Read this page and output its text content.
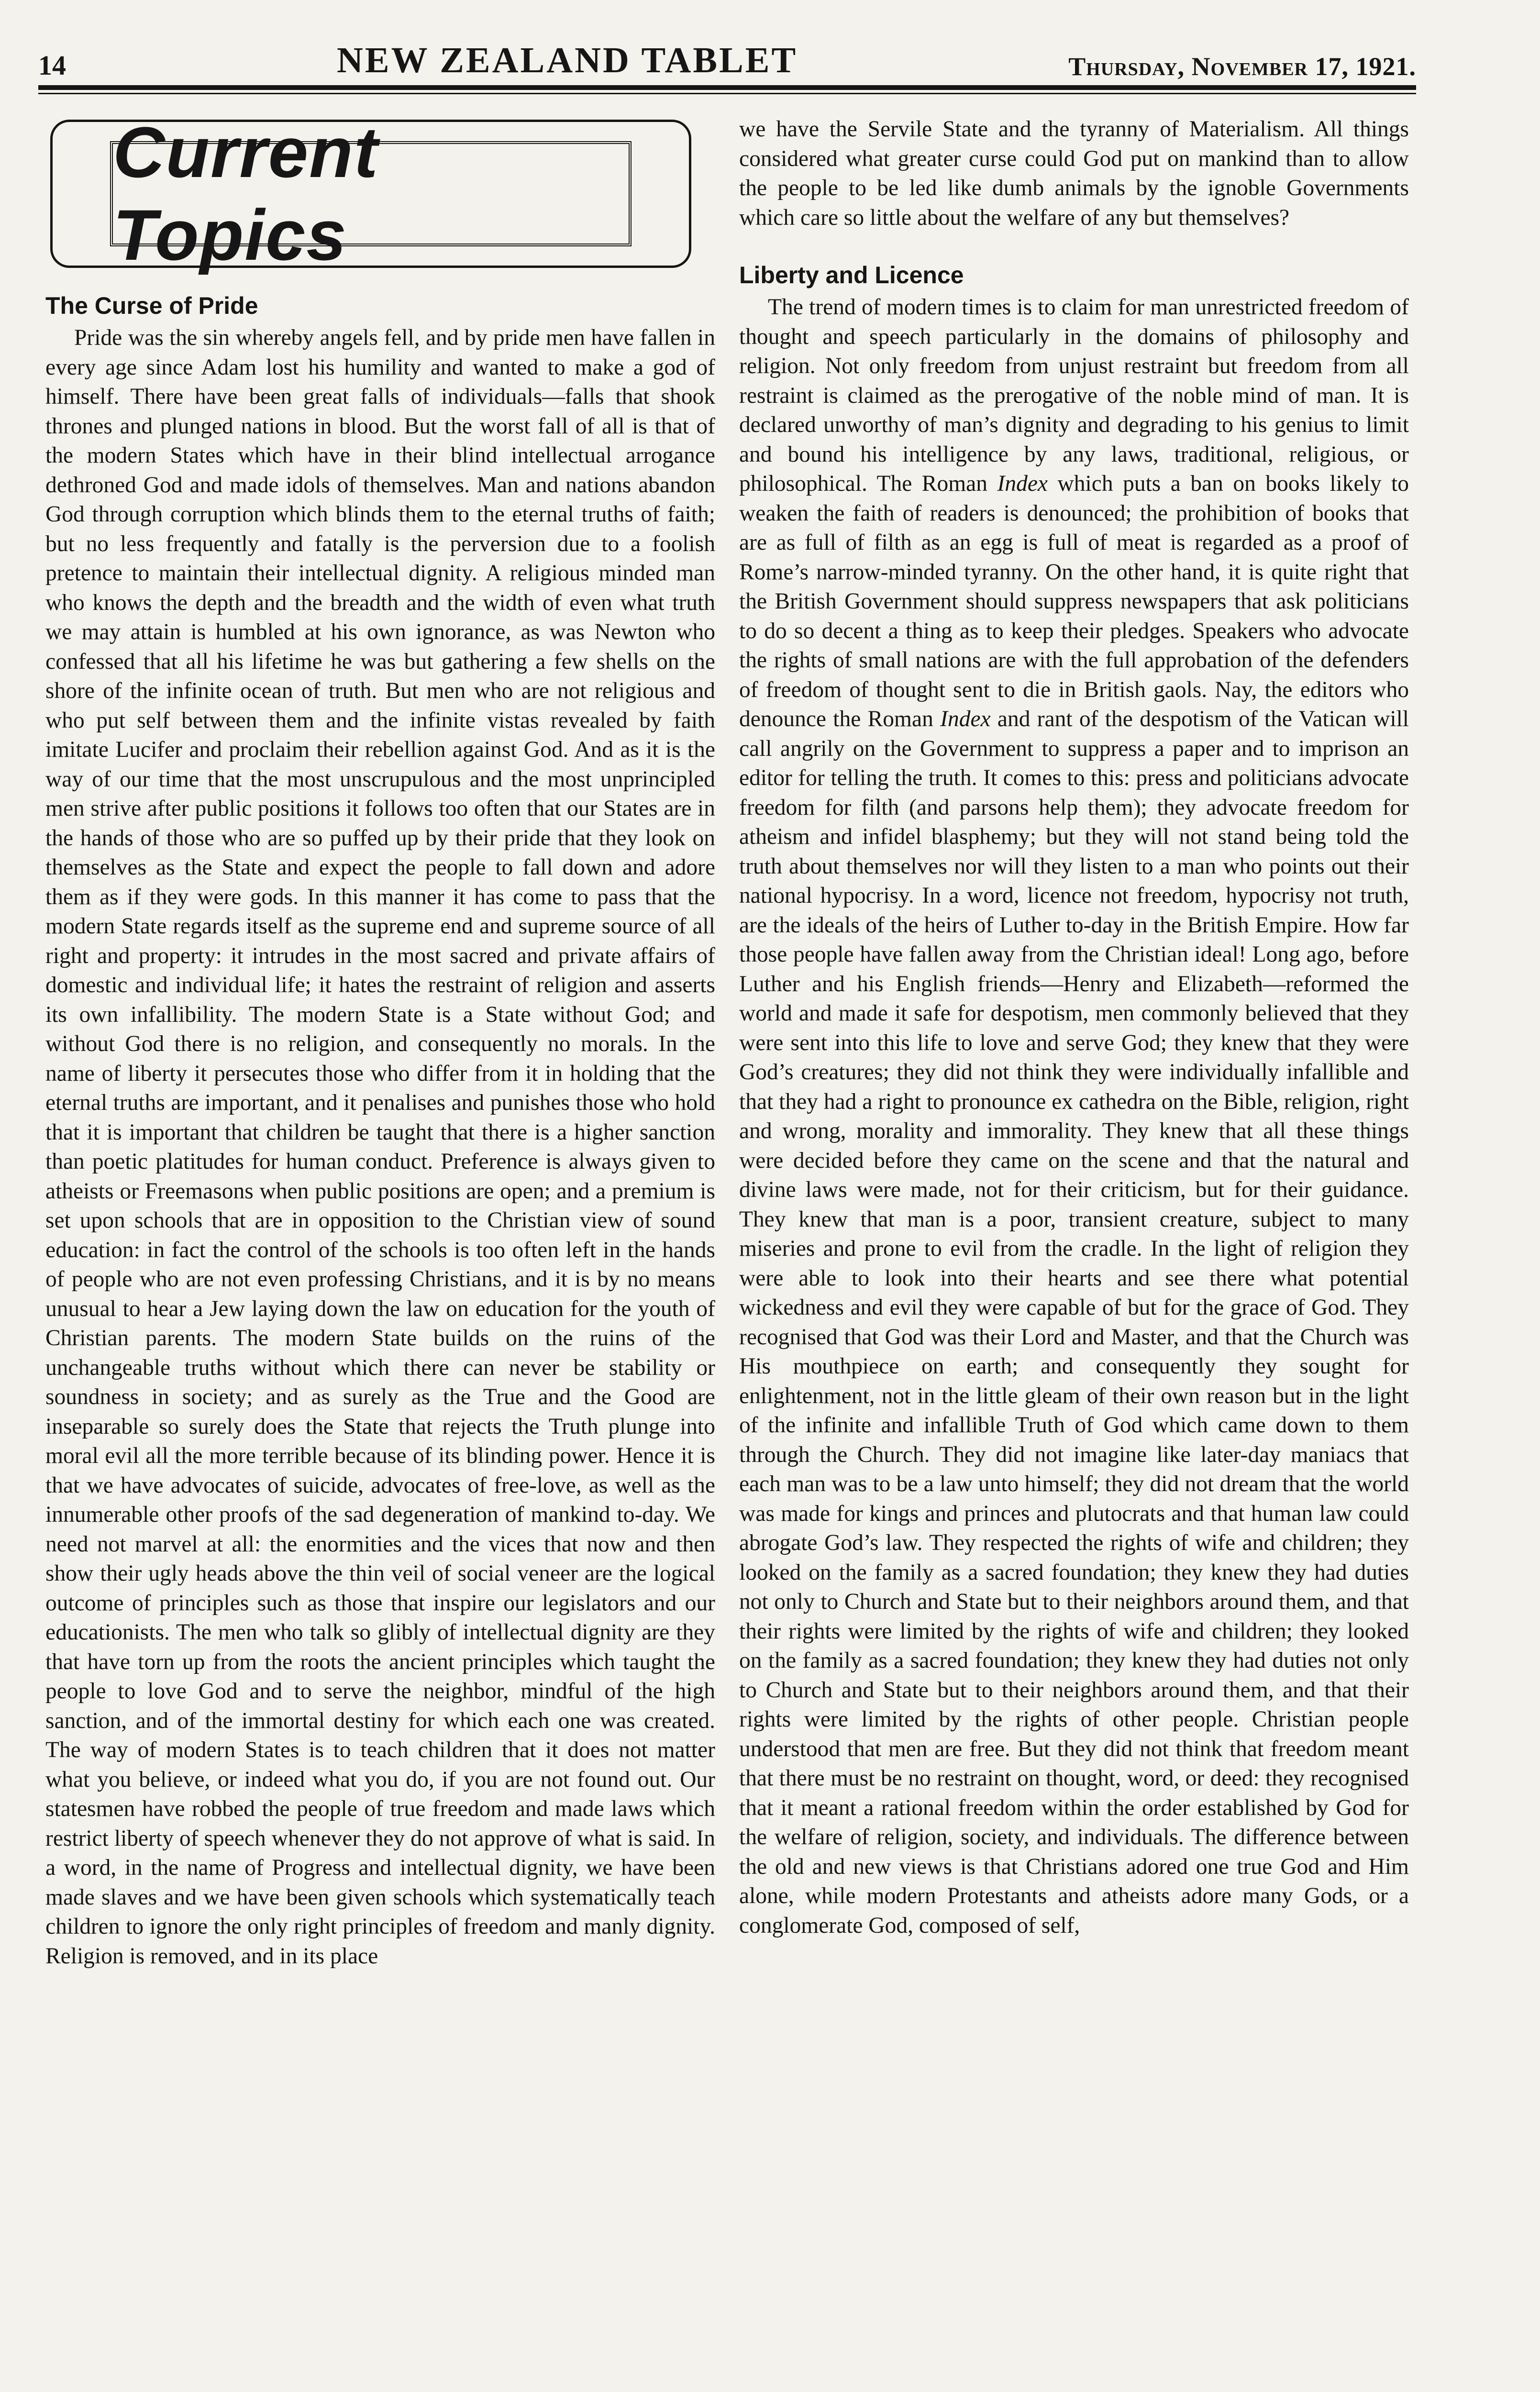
14	NEW ZEALAND TABLET	Thursday, November 17, 1921.
Current Topics
The Curse of Pride

Pride was the sin whereby angels fell, and by pride men have fallen in every age since Adam lost his humility and wanted to make a god of himself. There have been great falls of individuals—falls that shook thrones and plunged nations in blood. But the worst fall of all is that of the modern States which have in their blind intellectual arrogance dethroned God and made idols of themselves. Man and nations abandon God through corruption which blinds them to the eternal truths of faith; but no less frequently and fatally is the perversion due to a foolish pretence to maintain their intellectual dignity. A religious minded man who knows the depth and the breadth and the width of even what truth we may attain is humbled at his own ignorance, as was Newton who confessed that all his lifetime he was but gathering a few shells on the shore of the infinite ocean of truth. But men who are not religious and who put self between them and the infinite vistas revealed by faith imitate Lucifer and proclaim their rebellion against God. And as it is the way of our time that the most unscrupulous and the most unprincipled men strive after public positions it follows too often that our States are in the hands of those who are so puffed up by their pride that they look on themselves as the State and expect the people to fall down and adore them as if they were gods. In this manner it has come to pass that the modern State regards itself as the supreme end and supreme source of all right and property: it intrudes in the most sacred and private affairs of domestic and individual life; it hates the restraint of religion and asserts its own infallibility. The modern State is a State without God; and without God there is no religion, and consequently no morals. In the name of liberty it persecutes those who differ from it in holding that the eternal truths are important, and it penalises and punishes those who hold that it is important that children be taught that there is a higher sanction than poetic platitudes for human conduct. Preference is always given to atheists or Freemasons when public positions are open; and a premium is set upon schools that are in opposition to the Christian view of sound education: in fact the control of the schools is too often left in the hands of people who are not even professing Christians, and it is by no means unusual to hear a Jew laying down the law on education for the youth of Christian parents. The modern State builds on the ruins of the unchangeable truths without which there can never be stability or soundness in society; and as surely as the True and the Good are inseparable so surely does the State that rejects the Truth plunge into moral evil all the more terrible because of its blinding power. Hence it is that we have advocates of suicide, advocates of free-love, as well as the innumerable other proofs of the sad degeneration of mankind to-day. We need not marvel at all: the enormities and the vices that now and then show their ugly heads above the thin veil of social veneer are the logical outcome of principles such as those that inspire our legislators and our educationists. The men who talk so glibly of intellectual dignity are they that have torn up from the roots the ancient principles which taught the people to love God and to serve the neighbor, mindful of the high sanction, and of the immortal destiny for which each one was created. The way of modern States is to teach children that it does not matter what you believe, or indeed what you do, if you are not found out. Our statesmen have robbed the people of true freedom and made laws which restrict liberty of speech whenever they do not approve of what is said. In a word, in the name of Progress and intellectual dignity, we have been made slaves and we have been given schools which systematically teach children to ignore the only right principles of freedom and manly dignity. Religion is removed, and in its place

we have the Servile State and the tyranny of Materialism. All things considered what greater curse could God put on mankind than to allow the people to be led like dumb animals by the ignoble Governments which care so little about the welfare of any but themselves?

Liberty and Licence

The trend of modern times is to claim for man unrestricted freedom of thought and speech particularly in the domains of philosophy and religion. Not only freedom from unjust restraint but freedom from all restraint is claimed as the prerogative of the noble mind of man. It is declared unworthy of man’s dignity and degrading to his genius to limit and bound his intelligence by any laws, traditional, religious, or philosophical. The Roman Index which puts a ban on books likely to weaken the faith of readers is denounced; the prohibition of books that are as full of filth as an egg is full of meat is regarded as a proof of Rome’s narrow-minded tyranny. On the other hand, it is quite right that the British Government should suppress newspapers that ask politicians to do so decent a thing as to keep their pledges. Speakers who advocate the rights of small nations are with the full approbation of the defenders of freedom of thought sent to die in British gaols. Nay, the editors who denounce the Roman Index and rant of the despotism of the Vatican will call angrily on the Government to suppress a paper and to imprison an editor for telling the truth. It comes to this: press and politicians advocate freedom for filth (and parsons help them); they advocate freedom for atheism and infidel blasphemy; but they will not stand being told the truth about themselves nor will they listen to a man who points out their national hypocrisy. In a word, licence not freedom, hypocrisy not truth, are the ideals of the heirs of Luther to-day in the British Empire. How far those people have fallen away from the Christian ideal! Long ago, before Luther and his English friends—Henry and Elizabeth—reformed the world and made it safe for despotism, men commonly believed that they were sent into this life to love and serve God; they knew that they were God’s creatures; they did not think they were individually infallible and that they had a right to pronounce ex cathedra on the Bible, religion, right and wrong, morality and immorality. They knew that all these things were decided before they came on the scene and that the natural and divine laws were made, not for their criticism, but for their guidance. They knew that man is a poor, transient creature, subject to many miseries and prone to evil from the cradle. In the light of religion they were able to look into their hearts and see there what potential wickedness and evil they were capable of but for the grace of God. They recognised that God was their Lord and Master, and that the Church was His mouthpiece on earth; and consequently they sought for enlightenment, not in the little gleam of their own reason but in the light of the infinite and infallible Truth of God which came down to them through the Church. They did not imagine like later-day maniacs that each man was to be a law unto himself; they did not dream that the world was made for kings and princes and plutocrats and that human law could abrogate God’s law. They respected the rights of wife and children; they looked on the family as a sacred foundation; they knew they had duties not only to Church and State but to their neighbors around them, and that their rights were limited by the rights of wife and children; they looked on the family as a sacred foundation; they knew they had duties not only to Church and State but to their neighbors around them, and that their rights were limited by the rights of other people. Christian people understood that men are free. But they did not think that freedom meant that there must be no restraint on thought, word, or deed: they recognised that it meant a rational freedom within the order established by God for the welfare of religion, society, and individuals. The difference between the old and new views is that Christians adored one true God and Him alone, while modern Protestants and atheists adore many Gods, or a conglomerate God, composed of self,
